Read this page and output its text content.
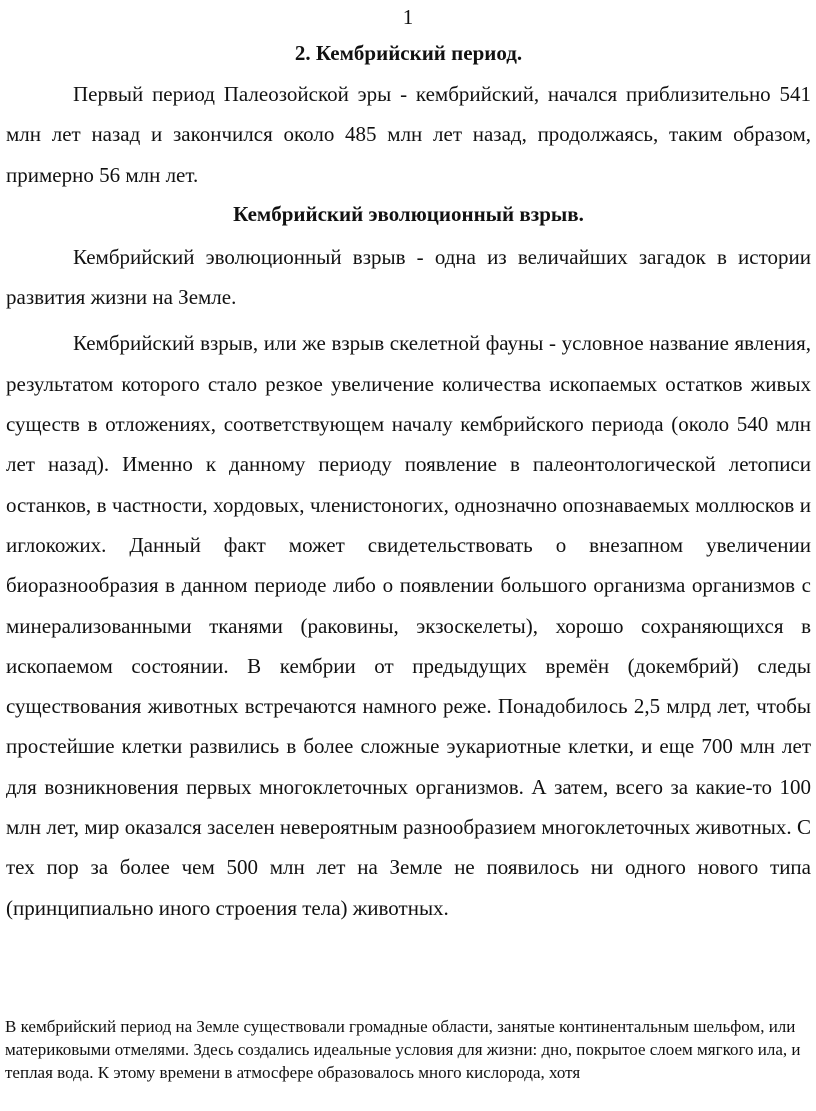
1
2. Кембрийский период.

Первый период Палеозойской эры - кембрийский, начался приблизительно 541 млн лет назад и закончился около 485 млн лет назад, продолжаясь, таким образом, примерно 56 млн лет.

Кембрийский эволюционный взрыв.

Кембрийский эволюционный взрыв - одна из величайших загадок в истории развития жизни на Земле.

Кембрийский взрыв, или же взрыв скелетной фауны - условное название явления, результатом которого стало резкое увеличение количества ископаемых остатков живых существ в отложениях, соответствующем началу кембрийского периода (около 540 млн лет назад). Именно к данному периоду появление в палеонтологической летописи останков, в частности, хордовых, членистоногих, однозначно опознаваемых моллюсков и иглокожих. Данный факт может свидетельствовать о внезапном увеличении биоразнообразия в данном периоде либо о появлении большого организма организмов с минерализованными тканями (раковины, экзоскелеты), хорошо сохраняющихся в ископаемом состоянии. В кембрии от предыдущих времён (докембрий) следы существования животных встречаются намного реже. Понадобилось 2,5 млрд лет, чтобы простейшие клетки развились в более сложные эукариотные клетки, и еще 700 млн лет для возникновения первых многоклеточных организмов. А затем, всего за какие-то 100 млн лет, мир оказался заселен невероятным разнообразием многоклеточных животных. С тех пор за более чем 500 млн лет на Земле не появилось ни одного нового типа (принципиально иного строения тела) животных.

В кембрийский период на Земле существовали громадные области, занятые континентальным шельфом, или материковыми отмелями. Здесь создались идеальные условия для жизни: дно, покрытое слоем мягкого ила, и теплая вода. К этому времени в атмосфере образовалось много кислорода, хотя
